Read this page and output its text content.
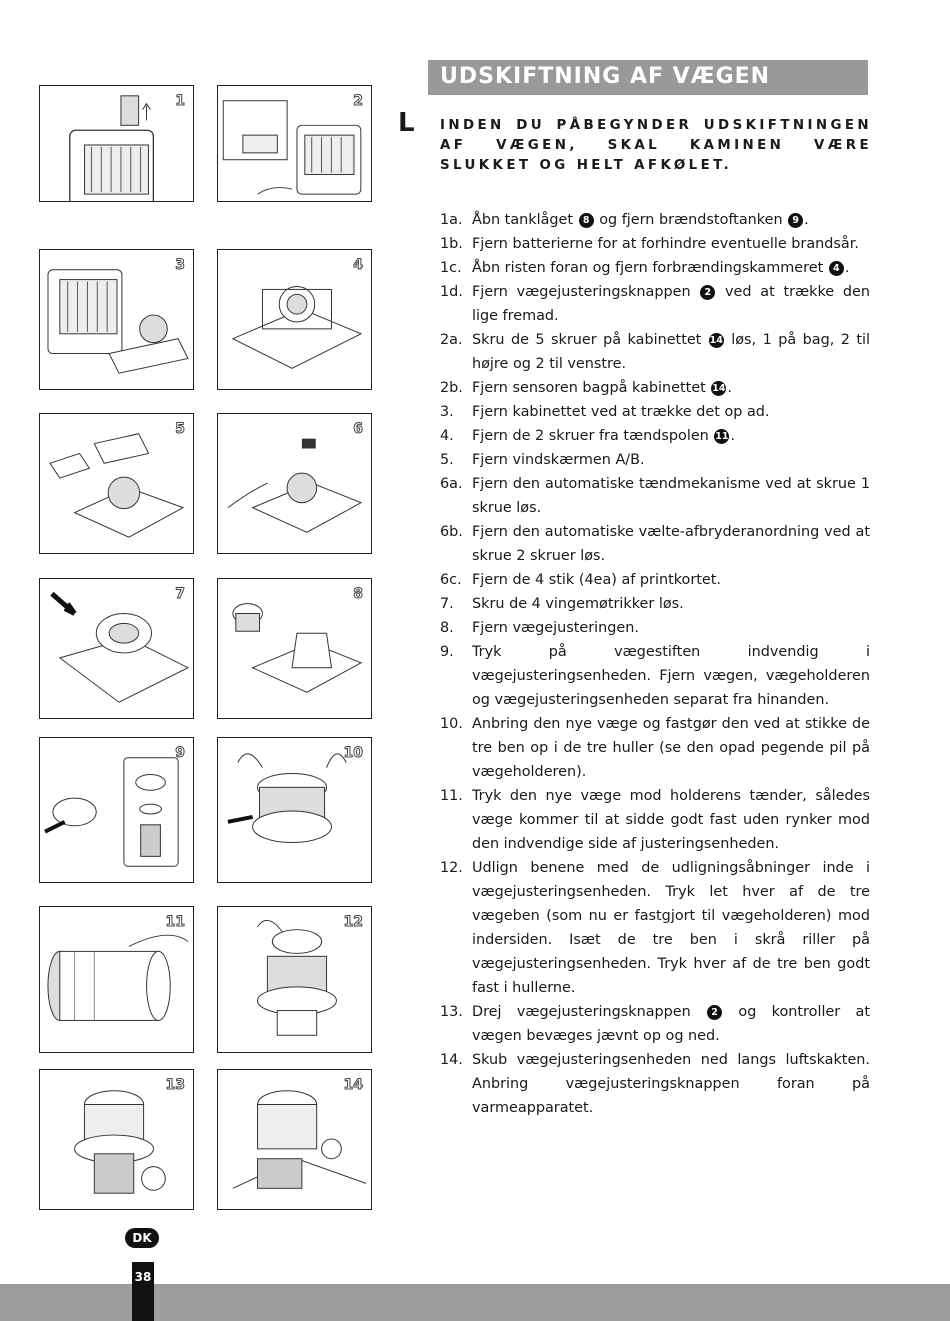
1	2
3	4
5	6
7	8
9	10
11	12
13	14
UDSKIFTNING AF VÆGEN
L INDEN DU PÅBEGYNDER UDSKIFTNINGEN AF VÆGEN, SKAL KAMINEN VÆRE SLUKKET OG HELT AFKØLET.
1a. Åbn tanklåget 8 og fjern brændstoftanken 9 .
1b. Fjern batterierne for at forhindre eventuelle brandsår.
1c. Åbn risten foran og fjern forbrændingskammeret 4 .
1d. Fjern vægejusteringsknappen 2 ved at trække den lige fremad.
2a. Skru de 5 skruer på kabinettet 14 løs, 1 på bag, 2 til højre og 2 til venstre.
2b. Fjern sensoren bagpå kabinettet 14 .
3.	Fjern kabinettet ved at trække det op ad.
4.	Fjern de 2 skruer fra tændspolen 11 .
5.	Fjern vindskærmen A/B.
6a. Fjern den automatiske tændmekanisme ved at skrue 1 skrue løs.
6b. Fjern den automatiske vælte-afbryderanordning ved at skrue 2 skruer løs.
6c. Fjern de 4 stik (4ea) af printkortet.
7.	Skru de 4 vingemøtrikker løs.
8.	Fjern vægejusteringen.
9.	Tryk på vægestiften indvendig i vægejusteringsenheden. Fjern vægen, vægeholderen og vægejusteringsenheden separat fra hinanden.
10. Anbring den nye væge og fastgør den ved at stikke de tre ben op i de tre huller (se den opad pegende pil på vægeholderen).
11. Tryk den nye væge mod holderens tænder, således væge kommer til at sidde godt fast uden rynker mod den indvendige side af justeringsenheden.
12. Udlign benene med de udligningsåbninger inde i vægejusteringsenheden. Tryk let hver af de tre vægeben (som nu er fastgjort til vægeholderen) mod indersiden. Isæt de tre ben i skrå riller på vægejusteringsenheden. Tryk hver af de tre ben godt fast i hullerne.
13. Drej vægejusteringsknappen 2 og kontroller at vægen bevæges jævnt op og ned.
14. Skub vægejusteringsenheden ned langs luftskakten. Anbring vægejusteringsknappen foran på varmeapparatet.
DK
38
